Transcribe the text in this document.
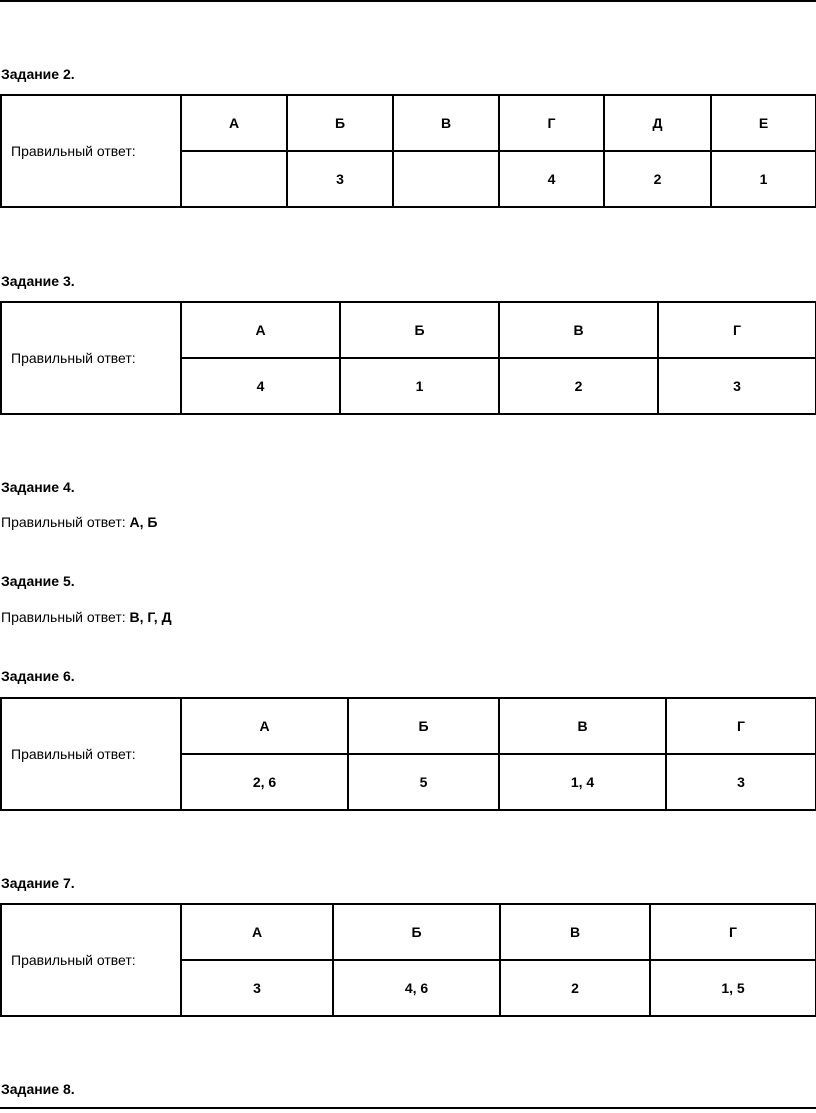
Задание 2.

Правильный ответ:	А	Б	В	Г	Д	Е
		3		4	2	1

Задание 3.

Правильный ответ:	А	Б	В	Г
	4	1	2	3

Задание 4.

Правильный ответ: А, Б

Задание 5.

Правильный ответ: В, Г, Д

Задание 6.

Правильный ответ:	А	Б	В	Г
	2, 6	5	1, 4	3

Задание 7.

Правильный ответ:	А	Б	В	Г
	3	4, 6	2	1, 5

Задание 8.
